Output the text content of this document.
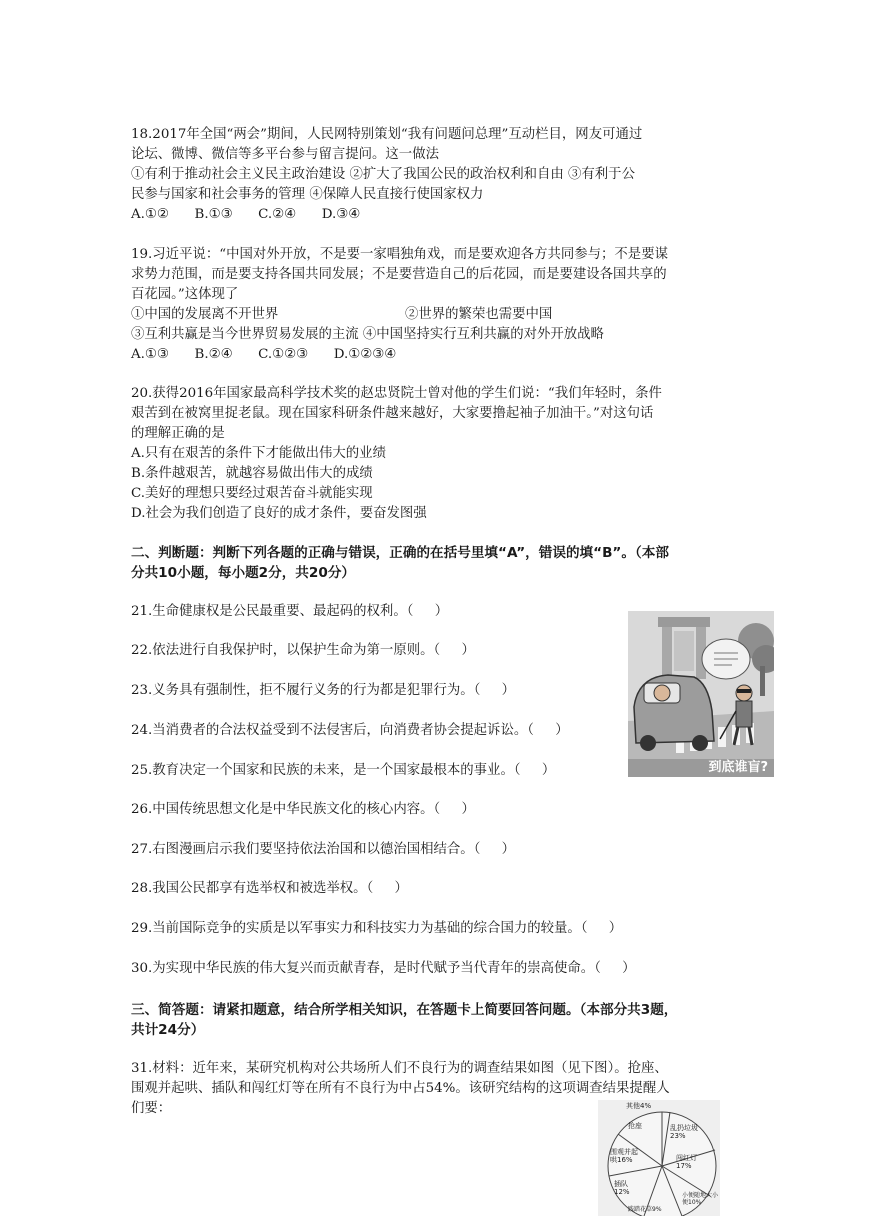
18.2017年全国“两会”期间，人民网特别策划“我有问题问总理”互动栏目，网友可通过
论坛、微博、微信等多平台参与留言提问。这一做法
①有利于推动社会主义民主政治建设 ②扩大了我国公民的政治权利和自由 ③有利于公
民参与国家和社会事务的管理 ④保障人民直接行使国家权力
A.①②      B.①③      C.②④      D.③④
19.习近平说：“中国对外开放，不是要一家唱独角戏，而是要欢迎各方共同参与；不是要谋
求势力范围，而是要支持各国共同发展；不是要营造自己的后花园，而是要建设各国共享的
百花园。”这体现了
①中国的发展离不开世界	②世界的繁荣也需要中国
③互利共赢是当今世界贸易发展的主流 ④中国坚持实行互利共赢的对外开放战略
A.①③      B.②④      C.①②③      D.①②③④
20.获得2016年国家最高科学技术奖的赵忠贤院士曾对他的学生们说：“我们年轻时，条件
艰苦到在被窝里捉老鼠。现在国家科研条件越来越好，大家要撸起袖子加油干。”对这句话
的理解正确的是
A.只有在艰苦的条件下才能做出伟大的业绩
B.条件越艰苦，就越容易做出伟大的成绩
C.美好的理想只要经过艰苦奋斗就能实现
D.社会为我们创造了良好的成才条件，要奋发图强
二、判断题：判断下列各题的正确与错误，正确的在括号里填“A”，错误的填“B”。（本部
分共10小题，每小题2分，共20分）
21.生命健康权是公民最重要、最起码的权利。（     ）
22.依法进行自我保护时，以保护生命为第一原则。（     ）
23.义务具有强制性，拒不履行义务的行为都是犯罪行为。（     ）
24.当消费者的合法权益受到不法侵害后，向消费者协会提起诉讼。（     ）
25.教育决定一个国家和民族的未来，是一个国家最根本的事业。（     ）
26.中国传统思想文化是中华民族文化的核心内容。（     ）
27.右图漫画启示我们要坚持依法治国和以德治国相结合。（     ）
28.我国公民都享有选举权和被选举权。（     ）
29.当前国际竞争的实质是以军事实力和科技实力为基础的综合国力的较量。（     ）
30.为实现中华民族的伟大复兴而贡献青春，是时代赋予当代青年的崇高使命。（     ）
三、简答题：请紧扣题意，结合所学相关知识，在答题卡上简要回答问题。（本部分共3题，
共计24分）
31.材料：近年来，某研究机构对公共场所人们不良行为的调查结果如图（见下图）。抢座、
围观并起哄、插队和闯红灯等在所有不良行为中占54%。该研究结构的这项调查结果提醒人
们要：
到底谁盲?
其他4%
乱扔垃圾23%
闯红灯17%
小便随地大小便10%
践踏花草9%
插队12%
围观并起哄16%
抢座
